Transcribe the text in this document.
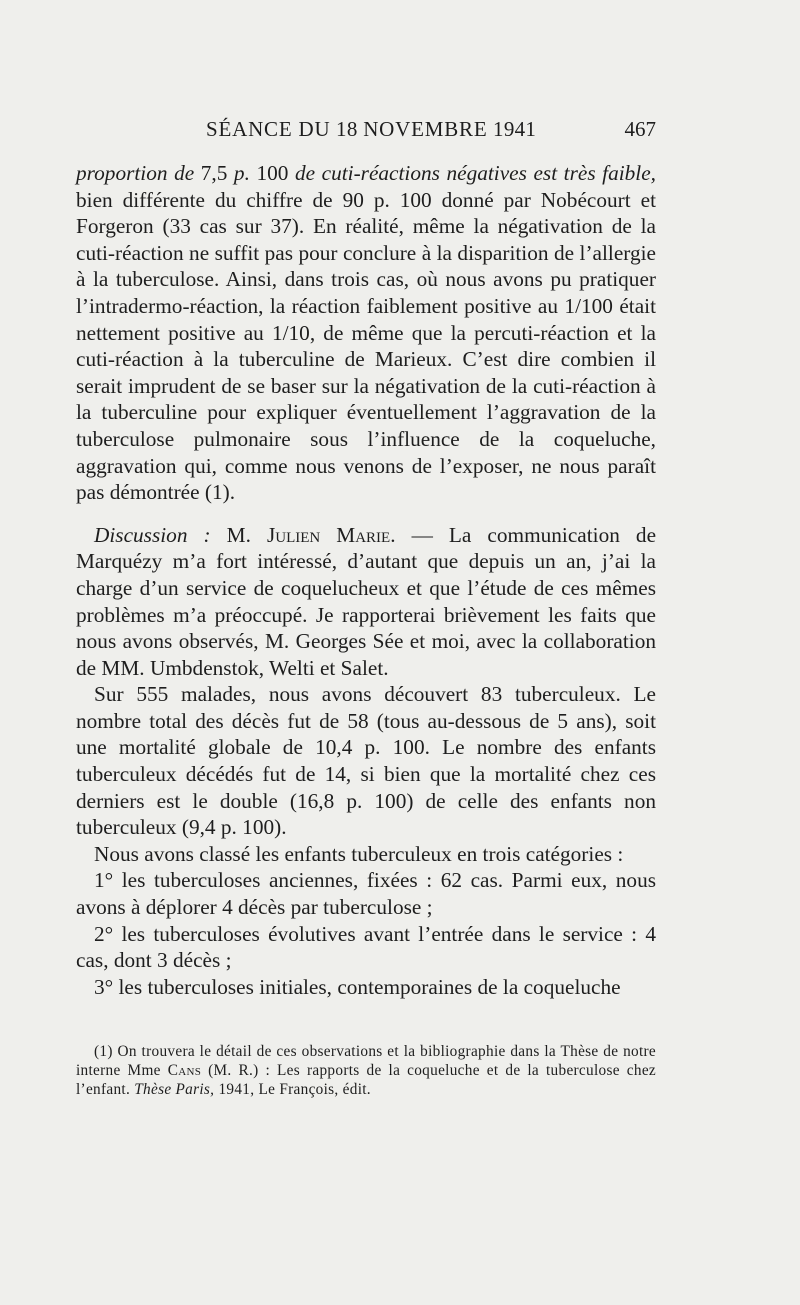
SÉANCE DU 18 NOVEMBRE 1941	467

proportion de 7,5 p. 100 de cuti-réactions négatives est très faible, bien différente du chiffre de 90 p. 100 donné par Nobécourt et Forgeron (33 cas sur 37). En réalité, même la négativation de la cuti-réaction ne suffit pas pour conclure à la disparition de l’allergie à la tuberculose. Ainsi, dans trois cas, où nous avons pu pratiquer l’intradermo-réaction, la réaction faiblement positive au 1/100 était nettement positive au 1/10, de même que la percuti-réaction et la cuti-réaction à la tuberculine de Marieux. C’est dire combien il serait imprudent de se baser sur la négativation de la cuti-réaction à la tuberculine pour expliquer éventuellement l’aggravation de la tuberculose pulmonaire sous l’influence de la coqueluche, aggravation qui, comme nous venons de l’exposer, ne nous paraît pas démontrée (1).

Discussion : M. Julien Marie. — La communication de Marquézy m’a fort intéressé, d’autant que depuis un an, j’ai la charge d’un service de coquelucheux et que l’étude de ces mêmes problèmes m’a préoccupé. Je rapporterai brièvement les faits que nous avons observés, M. Georges Sée et moi, avec la collaboration de MM. Umbdenstok, Welti et Salet.

Sur 555 malades, nous avons découvert 83 tuberculeux. Le nombre total des décès fut de 58 (tous au-dessous de 5 ans), soit une mortalité globale de 10,4 p. 100. Le nombre des enfants tuberculeux décédés fut de 14, si bien que la mortalité chez ces derniers est le double (16,8 p. 100) de celle des enfants non tuberculeux (9,4 p. 100).

Nous avons classé les enfants tuberculeux en trois catégories :

1° les tuberculoses anciennes, fixées : 62 cas. Parmi eux, nous avons à déplorer 4 décès par tuberculose ;

2° les tuberculoses évolutives avant l’entrée dans le service : 4 cas, dont 3 décès ;

3° les tuberculoses initiales, contemporaines de la coqueluche

(1) On trouvera le détail de ces observations et la bibliographie dans la Thèse de notre interne Mme Cans (M. R.) : Les rapports de la coqueluche et de la tuberculose chez l’enfant. Thèse Paris, 1941, Le François, édit.
